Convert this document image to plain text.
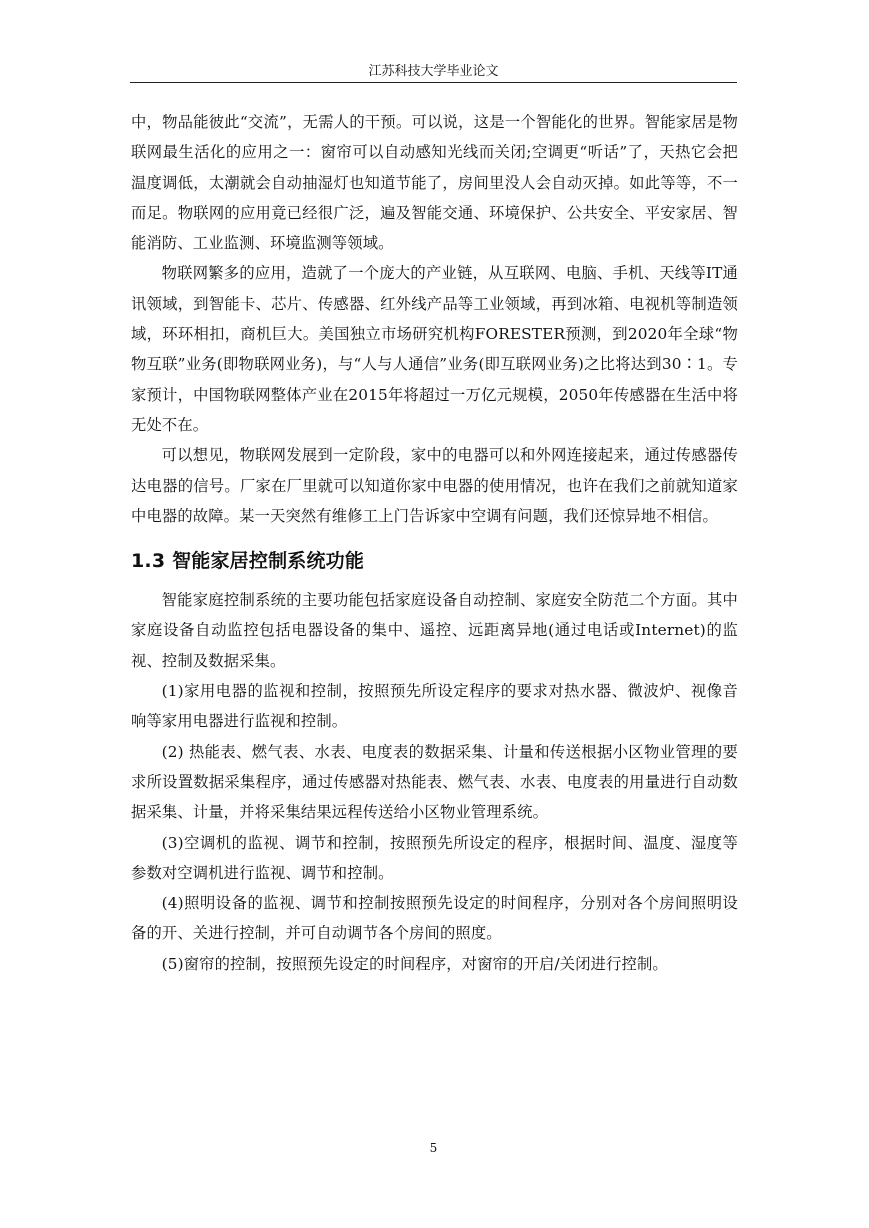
江苏科技大学毕业论文

中，物品能彼此“交流”，无需人的干预。可以说，这是一个智能化的世界。智能家居是物联网最生活化的应用之一：窗帘可以自动感知光线而关闭;空调更“听话”了，天热它会把温度调低，太潮就会自动抽湿灯也知道节能了，房间里没人会自动灭掉。如此等等，不一而足。物联网的应用竟已经很广泛，遍及智能交通、环境保护、公共安全、平安家居、智能消防、工业监测、环境监测等领域。

物联网繁多的应用，造就了一个庞大的产业链，从互联网、电脑、手机、天线等IT通讯领域，到智能卡、芯片、传感器、红外线产品等工业领域，再到冰箱、电视机等制造领域，环环相扣，商机巨大。美国独立市场研究机构FORESTER预测，到2020年全球“物物互联”业务(即物联网业务)，与“人与人通信”业务(即互联网业务)之比将达到30∶1。专家预计，中国物联网整体产业在2015年将超过一万亿元规模，2050年传感器在生活中将无处不在。

可以想见，物联网发展到一定阶段，家中的电器可以和外网连接起来，通过传感器传达电器的信号。厂家在厂里就可以知道你家中电器的使用情况，也许在我们之前就知道家中电器的故障。某一天突然有维修工上门告诉家中空调有问题，我们还惊异地不相信。

1.3 智能家居控制系统功能

智能家庭控制系统的主要功能包括家庭设备自动控制、家庭安全防范二个方面。其中家庭设备自动监控包括电器设备的集中、遥控、远距离异地(通过电话或Internet)的监视、控制及数据采集。

(1)家用电器的监视和控制，按照预先所设定程序的要求对热水器、微波炉、视像音响等家用电器进行监视和控制。

(2) 热能表、燃气表、水表、电度表的数据采集、计量和传送根据小区物业管理的要求所设置数据采集程序，通过传感器对热能表、燃气表、水表、电度表的用量进行自动数据采集、计量，并将采集结果远程传送给小区物业管理系统。

(3)空调机的监视、调节和控制，按照预先所设定的程序，根据时间、温度、湿度等参数对空调机进行监视、调节和控制。

(4)照明设备的监视、调节和控制按照预先设定的时间程序，分别对各个房间照明设备的开、关进行控制，并可自动调节各个房间的照度。

(5)窗帘的控制，按照预先设定的时间程序，对窗帘的开启/关闭进行控制。

5
